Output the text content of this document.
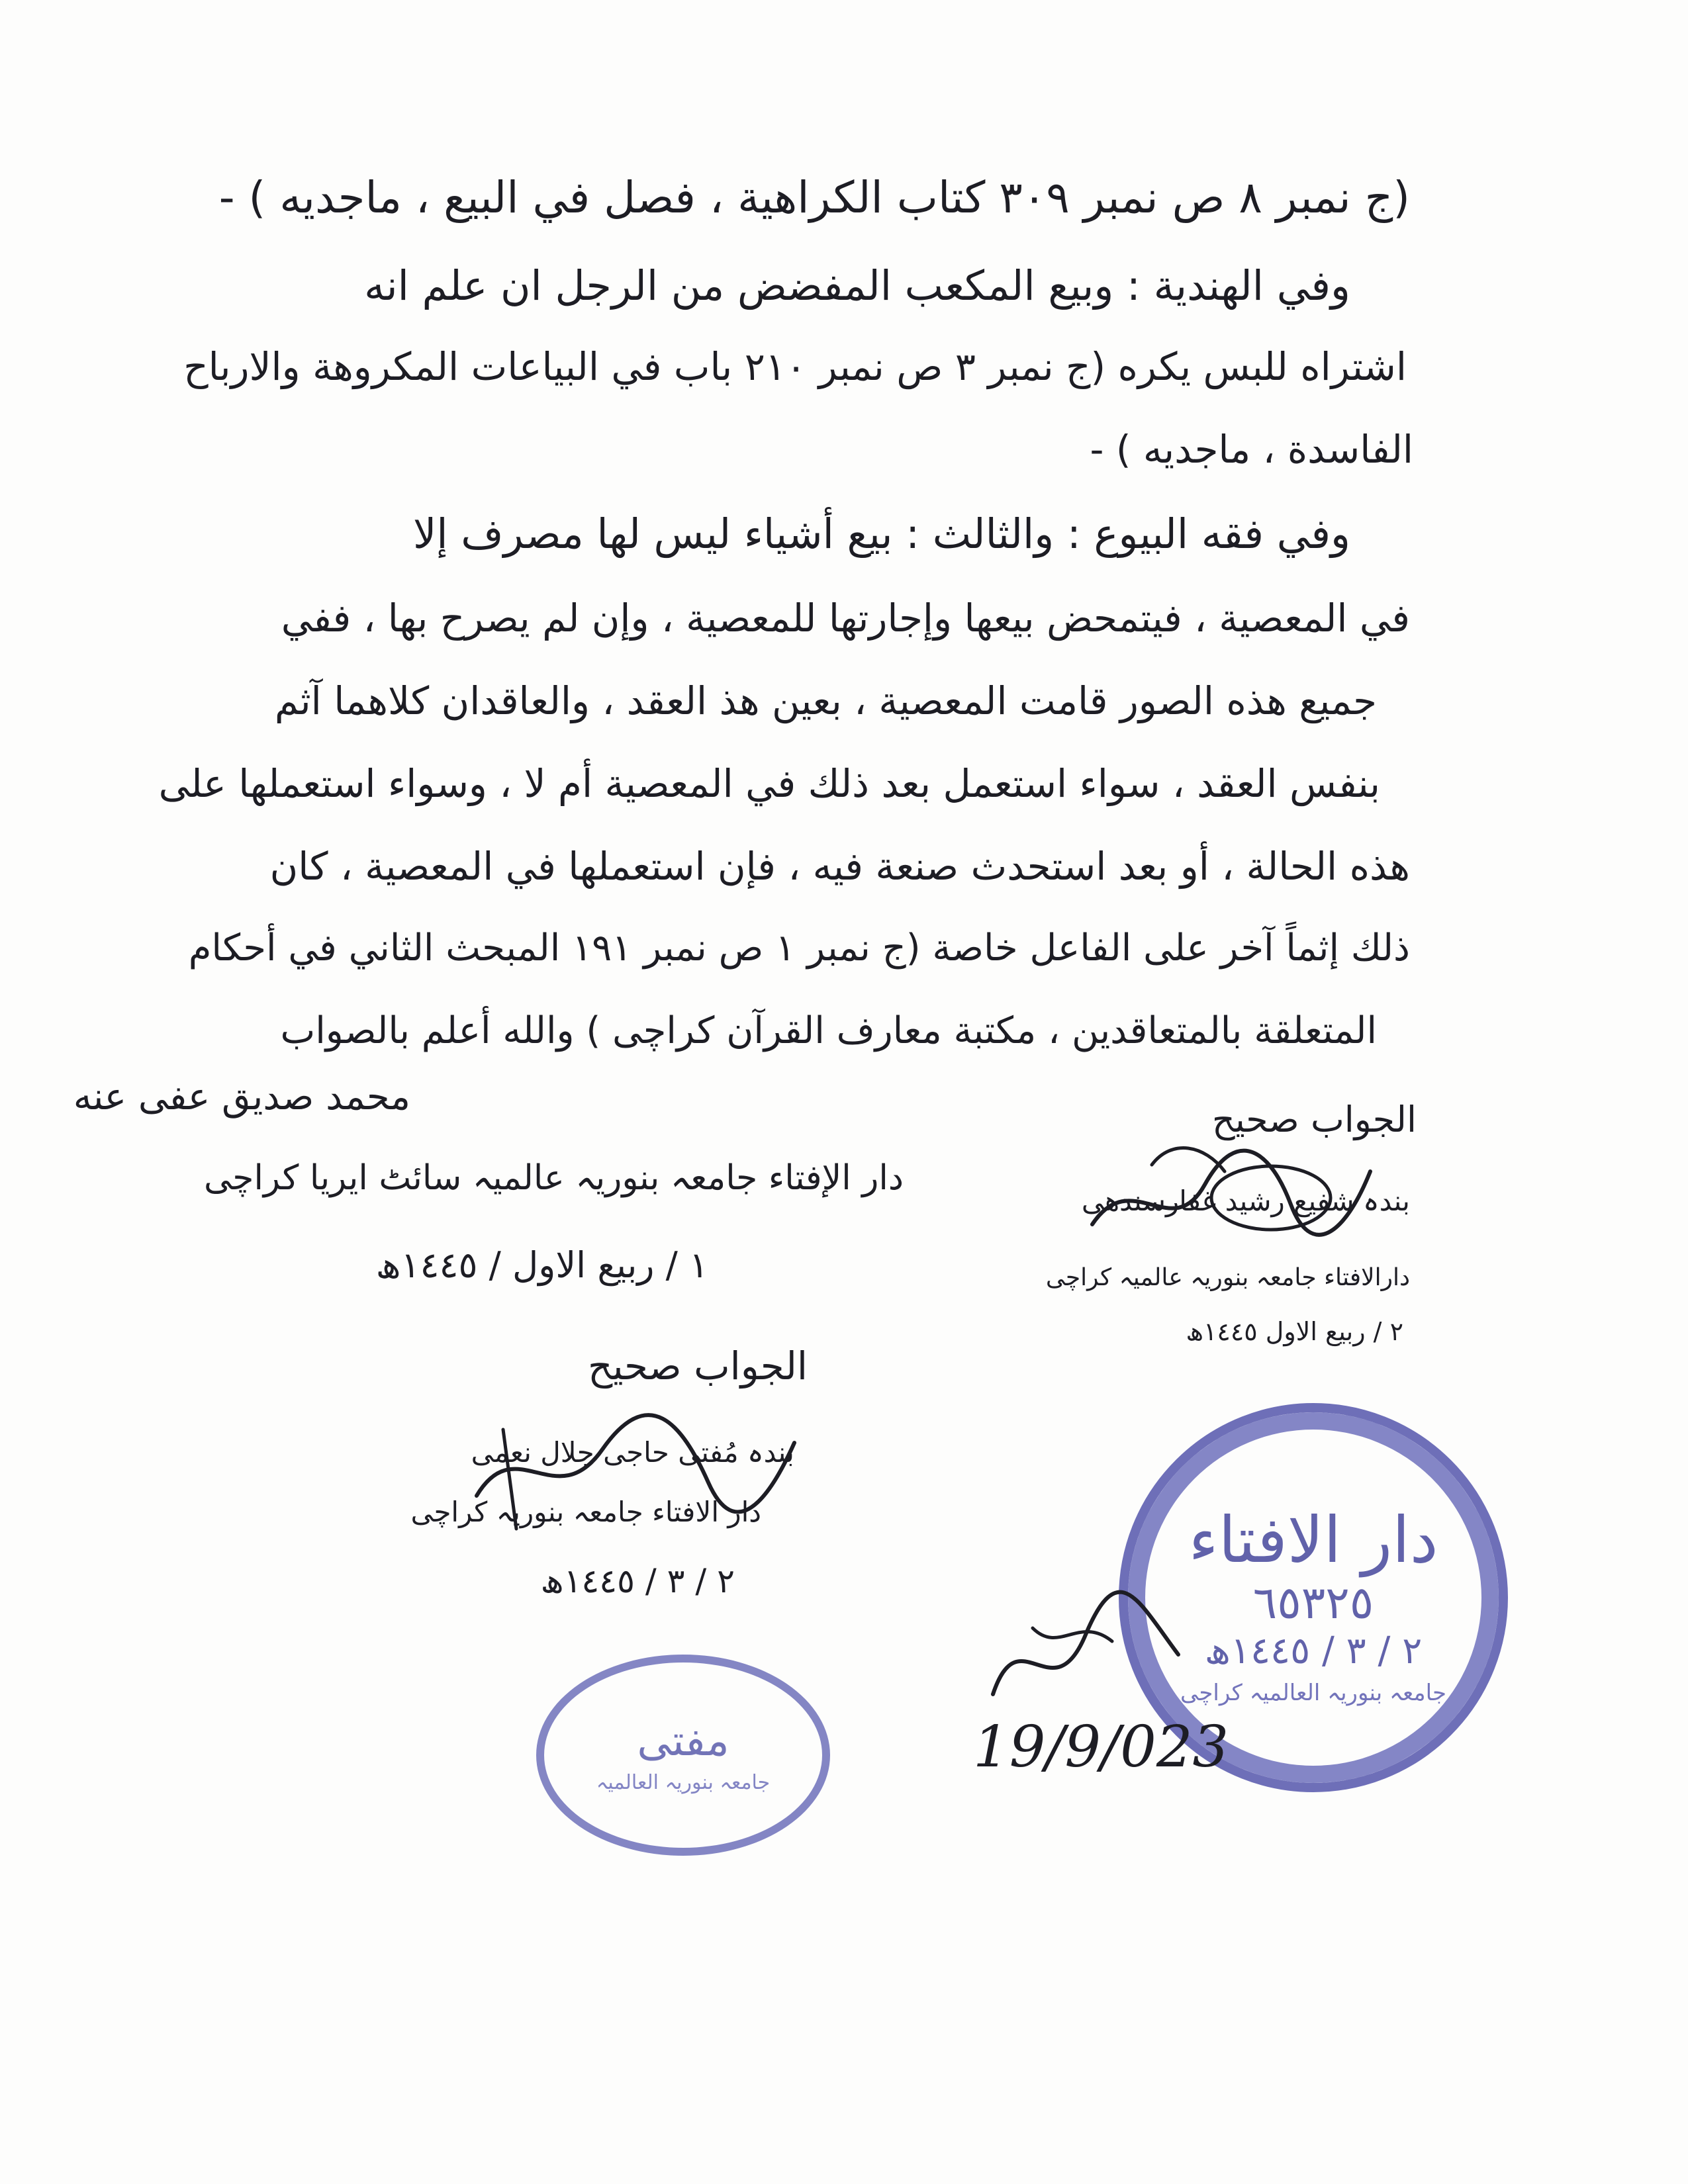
(ج نمبر ٨ ص نمبر ٣٠٩ كتاب الكراهية ، فصل في البيع ، ماجديه ) -
وفي الهندية : وبيع المكعب المفضض من الرجل ان علم انه
اشتراه للبس يكره (ج نمبر ٣ ص نمبر ٢١٠ باب في البياعات المكروهة والارباح
الفاسدة ، ماجديه ) -
وفي فقه البيوع : والثالث : بيع أشياء ليس لها مصرف إلا
في المعصية ، فيتمحض بيعها وإجارتها للمعصية ، وإن لم يصرح بها ، ففي
جميع هذه الصور قامت المعصية ، بعين هذ العقد ، والعاقدان كلاهما آثم
بنفس العقد ، سواء استعمل بعد ذلك في المعصية أم لا ، وسواء استعملها على
هذه الحالة ، أو بعد استحدث صنعة فيه ، فإن استعملها في المعصية ، كان
ذلك إثماً آخر على الفاعل خاصة (ج نمبر ١ ص نمبر ١٩١ المبحث الثاني في أحكام
المتعلقة بالمتعاقدين ، مكتبة معارف القرآن كراچی ) والله أعلم بالصواب
محمد صديق عفی عنه
دار الإفتاء جامعہ بنوریہ عالمیہ سائٹ ایریا کراچی
١ / ربیع الاول / ١٤٤٥ھ
الجواب صحیح
بندہ شفیع رشید غفارسندھی
دارالافتاء جامعہ بنوریہ عالمیہ کراچی
٢ / ربیع الاول ١٤٤٥ھ
الجواب صحیح
بندہ مُفتی حاجی جلال نعمی
دار الافتاء جامعہ بنوریہ کراچی
٢ / ٣ / ١٤٤٥ھ
دار الافتاء
٦٥٣٢٥
٢ / ٣ / ١٤٤٥ھ
جامعہ بنوریہ العالمیہ کراچی
19/9/023
مفتی
جامعہ بنوریہ العالمیہ
